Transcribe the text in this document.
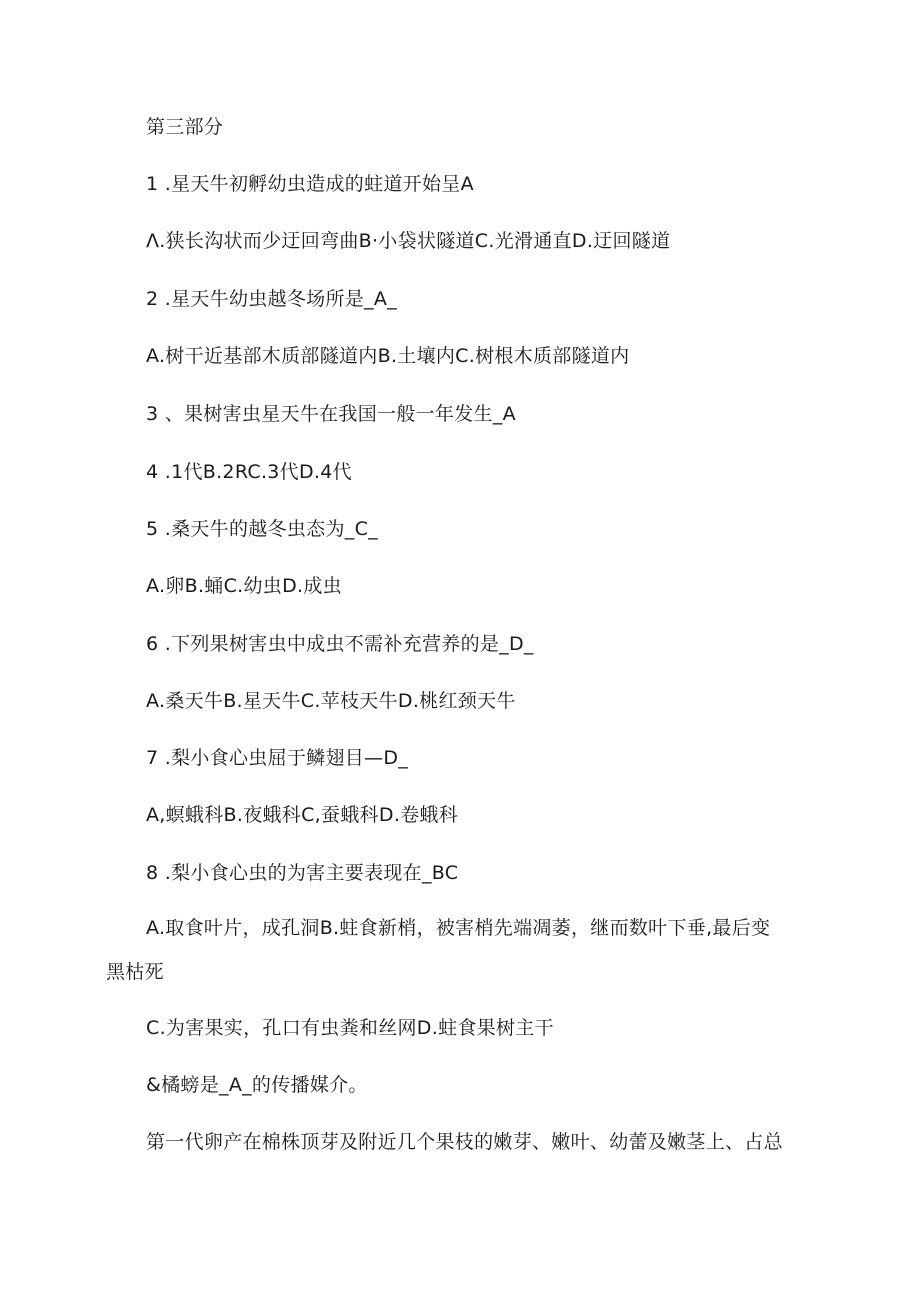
第三部分
1 .星天牛初孵幼虫造成的蛀道开始呈A
Λ.狭长沟状而少迂回弯曲B·小袋状隧道C.光滑通直D.迂回隧道
2 .星天牛幼虫越冬场所是_A_
A.树干近基部木质部隧道内B.土壤内C.树根木质部隧道内
3 、果树害虫星天牛在我国一般一年发生_A
4 .1代B.2RC.3代D.4代
5 .桑天牛的越冬虫态为_C_
A.卵B.蛹C.幼虫D.成虫
6 .下列果树害虫中成虫不需补充营养的是_D_
A.桑天牛B.星天牛C.苹枝天牛D.桃红颈天牛
7 .梨小食心虫屈于鳞翅目—D_
A,螟蛾科B.夜蛾科C,蚕蛾科D.卷蛾科
8 .梨小食心虫的为害主要表现在_BC
A.取食叶片，成孔洞B.蛀食新梢，被害梢先端凋萎，继而数叶下垂,最后变
黑枯死
C.为害果实，孔口有虫粪和丝网D.蛀食果树主干
&橘螃是_A_的传播媒介。
第一代卵产在棉株顶芽及附近几个果枝的嫩芽、嫩叶、幼蕾及嫩茎上、占总
